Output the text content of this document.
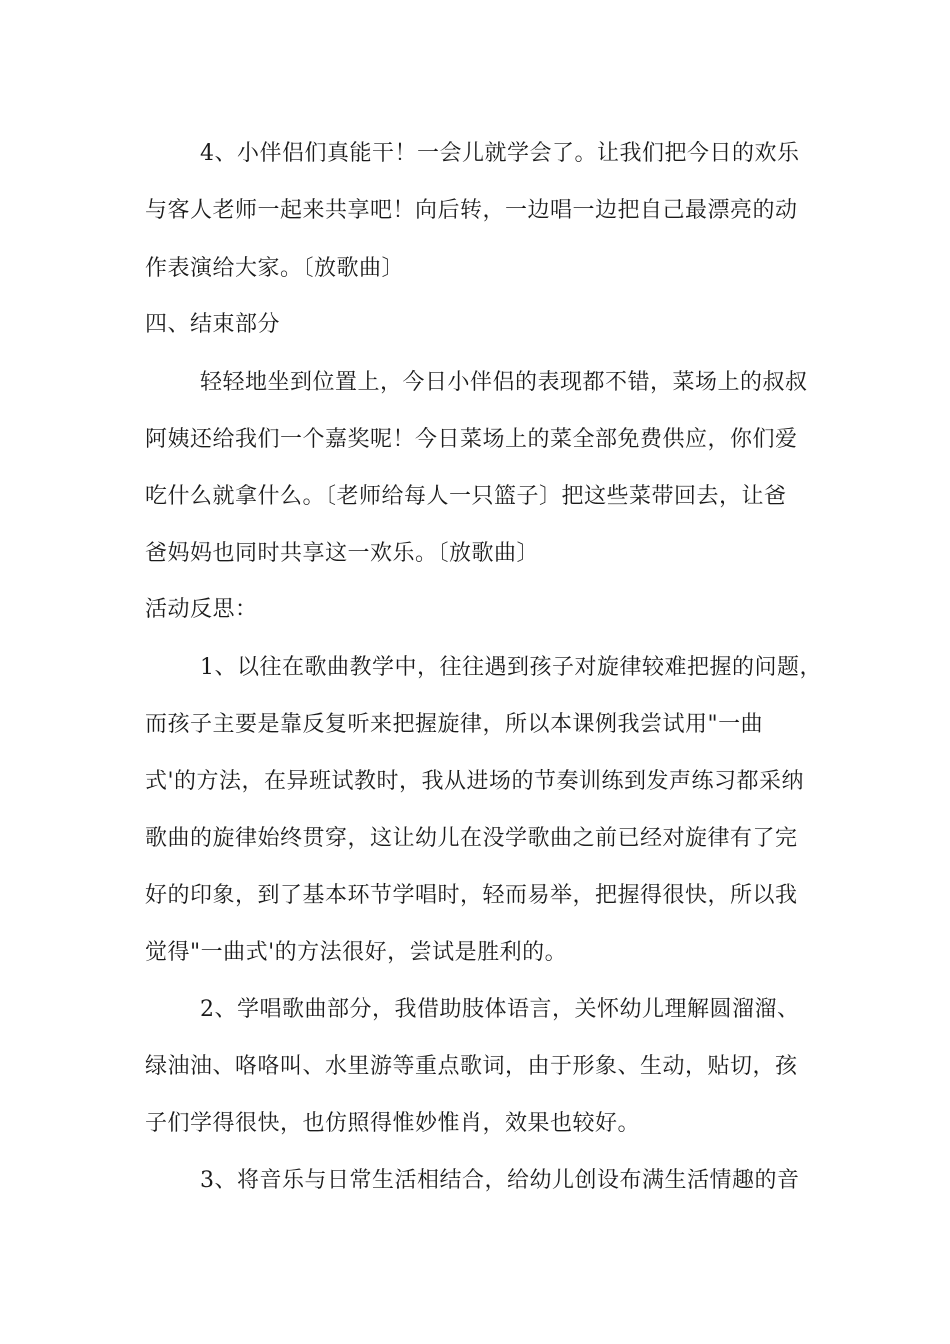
4、小伴侣们真能干！一会儿就学会了。让我们把今日的欢乐
与客人老师一起来共享吧！向后转，一边唱一边把自己最漂亮的动
作表演给大家。〔放歌曲〕
四、结束部分
轻轻地坐到位置上，今日小伴侣的表现都不错，菜场上的叔叔
阿姨还给我们一个嘉奖呢！今日菜场上的菜全部免费供应，你们爱
吃什么就拿什么。〔老师给每人一只篮子〕把这些菜带回去，让爸
爸妈妈也同时共享这一欢乐。〔放歌曲〕
活动反思：
1、以往在歌曲教学中，往往遇到孩子对旋律较难把握的问题，
而孩子主要是靠反复听来把握旋律，所以本课例我尝试用"一曲
式'的方法，在异班试教时，我从进场的节奏训练到发声练习都采纳
歌曲的旋律始终贯穿，这让幼儿在没学歌曲之前已经对旋律有了完
好的印象，到了基本环节学唱时，轻而易举，把握得很快，所以我
觉得"一曲式'的方法很好，尝试是胜利的。
2、学唱歌曲部分，我借助肢体语言，关怀幼儿理解圆溜溜、
绿油油、咯咯叫、水里游等重点歌词，由于形象、生动，贴切，孩
子们学得很快，也仿照得惟妙惟肖，效果也较好。
3、将音乐与日常生活相结合，给幼儿创设布满生活情趣的音
